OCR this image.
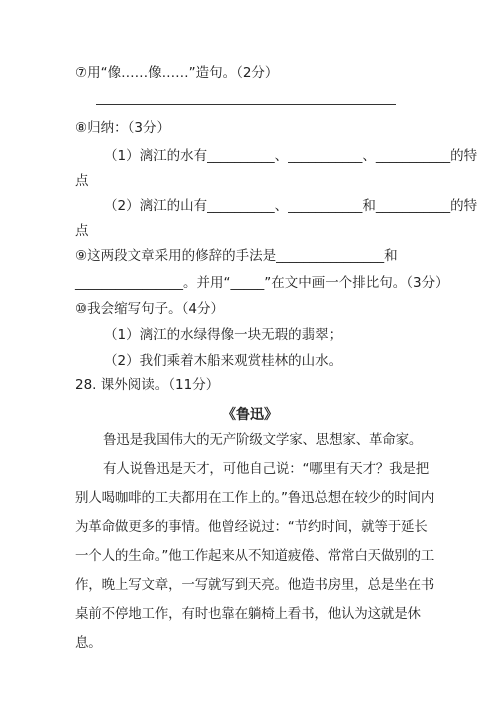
⑦用“像……像……”造句。（2分）
⑧归纳：（3分）
（1）漓江的水有__________、___________、___________的特
点
（2）漓江的山有__________、___________和___________的特
点
⑨这两段文章采用的修辞的手法是________________和
________________。并用“_____”在文中画一个排比句。（3分）
⑩我会缩写句子。（4分）
（1）漓江的水绿得像一块无瑕的翡翠；
（2）我们乘着木船来观赏桂林的山水。
28. 课外阅读。（11分）
《鲁迅》
鲁迅是我国伟大的无产阶级文学家、思想家、革命家。
有人说鲁迅是天才，可他自己说：“哪里有天才？我是把别人喝咖啡的工夫都用在工作上的。”鲁迅总想在较少的时间内为革命做更多的事情。他曾经说过：“节约时间，就等于延长一个人的生命。”他工作起来从不知道疲倦、常常白天做别的工作，晚上写文章，一写就写到天亮。他造书房里，总是坐在书桌前不停地工作，有时也靠在躺椅上看书，他认为这就是休息。
